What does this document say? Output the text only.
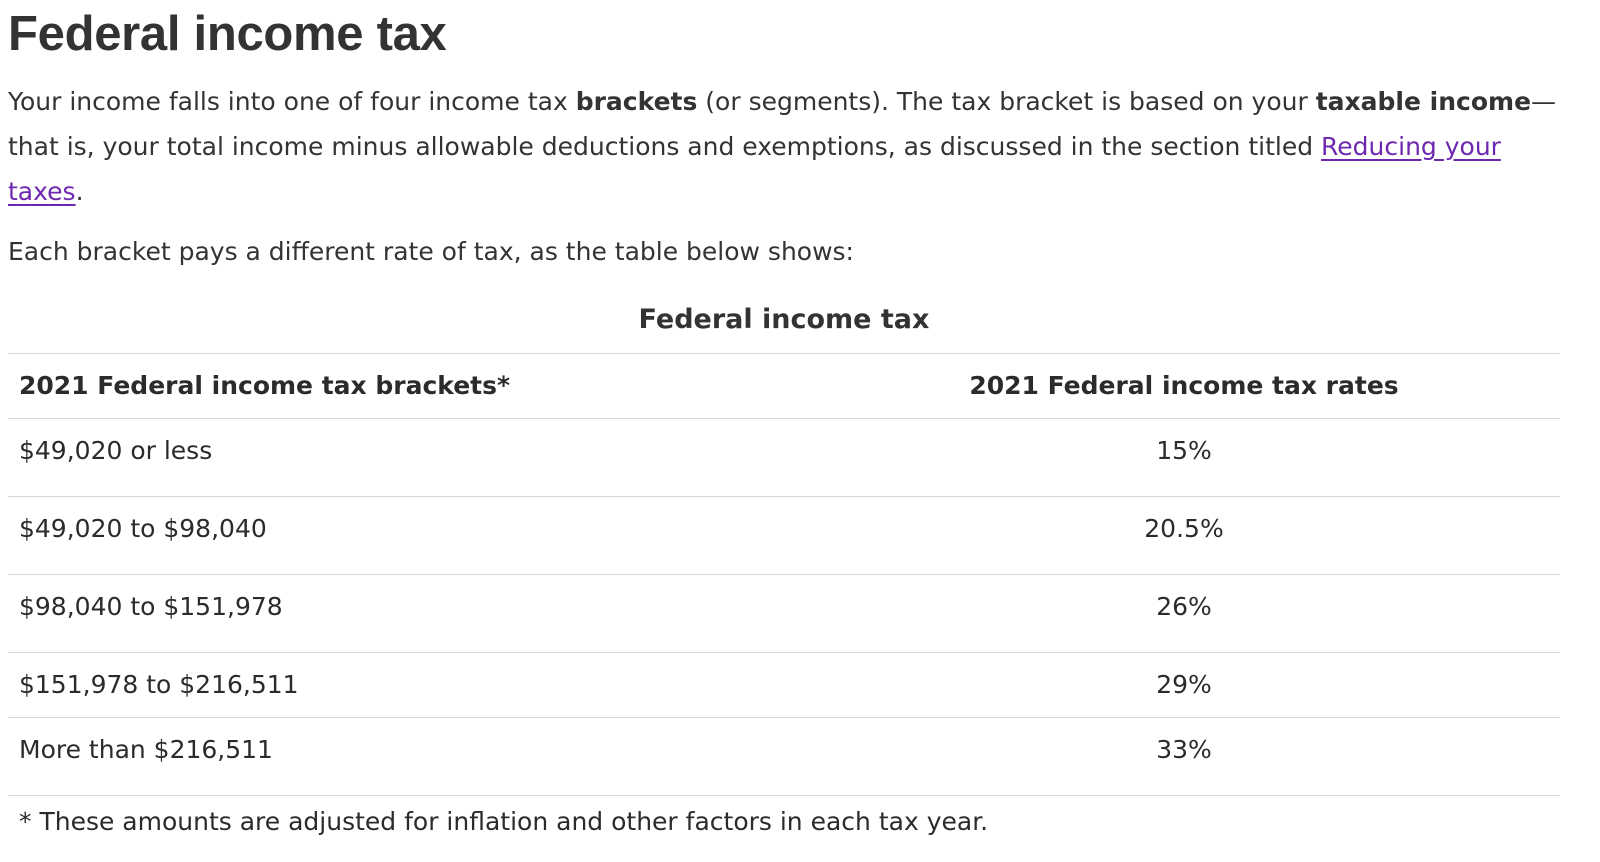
Federal income tax

Your income falls into one of four income tax brackets (or segments). The tax bracket is based on your taxable income—that is, your total income minus allowable deductions and exemptions, as discussed in the section titled Reducing your taxes.

Each bracket pays a different rate of tax, as the table below shows:

Federal income tax
2021 Federal income tax brackets*	2021 Federal income tax rates
$49,020 or less	15%
$49,020 to $98,040	20.5%
$98,040 to $151,978	26%
$151,978 to $216,511	29%
More than $216,511	33%
* These amounts are adjusted for inflation and other factors in each tax year.
